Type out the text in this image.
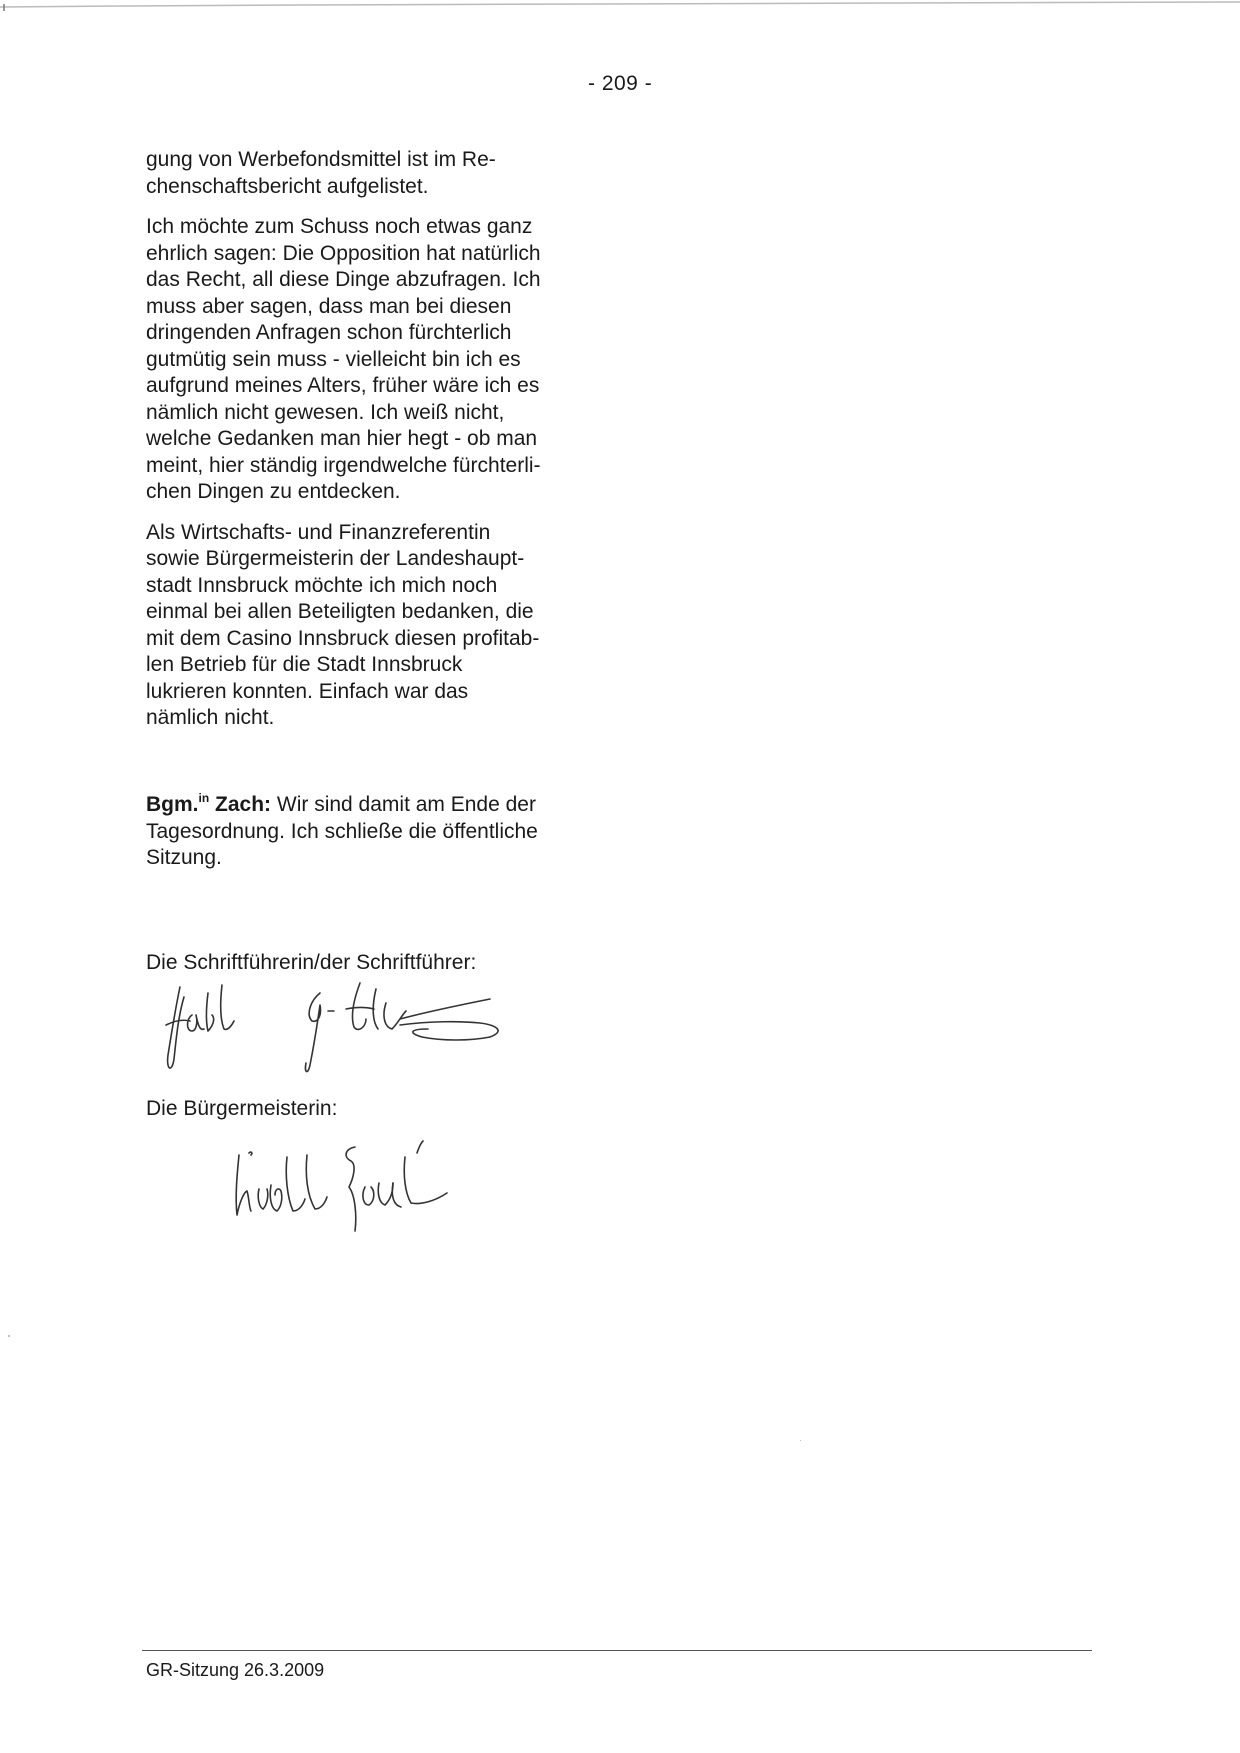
- 209 -

gung von Werbefondsmittel ist im Re-
chenschaftsbericht aufgelistet.

Ich möchte zum Schuss noch etwas ganz
ehrlich sagen: Die Opposition hat natürlich
das Recht, all diese Dinge abzufragen. Ich
muss aber sagen, dass man bei diesen
dringenden Anfragen schon fürchterlich
gutmütig sein muss - vielleicht bin ich es
aufgrund meines Alters, früher wäre ich es
nämlich nicht gewesen. Ich weiß nicht,
welche Gedanken man hier hegt - ob man
meint, hier ständig irgendwelche fürchterli-
chen Dingen zu entdecken.

Als Wirtschafts- und Finanzreferentin
sowie Bürgermeisterin der Landeshaupt-
stadt Innsbruck möchte ich mich noch
einmal bei allen Beteiligten bedanken, die
mit dem Casino Innsbruck diesen profitab-
len Betrieb für die Stadt Innsbruck
lukrieren konnten. Einfach war das
nämlich nicht.

Bgm.$^{in}$ Zach: Wir sind damit am Ende der
Tagesordnung. Ich schließe die öffentliche
Sitzung.
Die Schriftführerin/der Schriftführer:
Die Bürgermeisterin:
GR-Sitzung 26.3.2009
